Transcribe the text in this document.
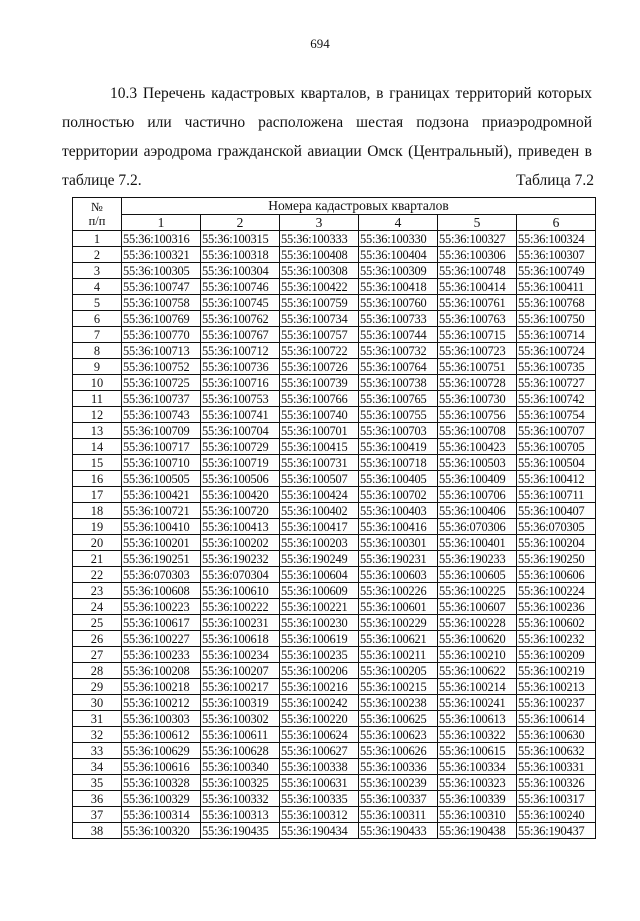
694

10.3 Перечень кадастровых кварталов, в границах территорий которых полностью или частично расположена шестая подзона приаэродромной территории аэродрома гражданской авиации Омск (Центральный), приведен в таблице 7.2.	Таблица 7.2
№
п/п	Номера кадастровых кварталов					
	1	2	3	4	5	6
1	55:36:100316	55:36:100315	55:36:100333	55:36:100330	55:36:100327	55:36:100324
2	55:36:100321	55:36:100318	55:36:100408	55:36:100404	55:36:100306	55:36:100307
3	55:36:100305	55:36:100304	55:36:100308	55:36:100309	55:36:100748	55:36:100749
4	55:36:100747	55:36:100746	55:36:100422	55:36:100418	55:36:100414	55:36:100411
5	55:36:100758	55:36:100745	55:36:100759	55:36:100760	55:36:100761	55:36:100768
6	55:36:100769	55:36:100762	55:36:100734	55:36:100733	55:36:100763	55:36:100750
7	55:36:100770	55:36:100767	55:36:100757	55:36:100744	55:36:100715	55:36:100714
8	55:36:100713	55:36:100712	55:36:100722	55:36:100732	55:36:100723	55:36:100724
9	55:36:100752	55:36:100736	55:36:100726	55:36:100764	55:36:100751	55:36:100735
10	55:36:100725	55:36:100716	55:36:100739	55:36:100738	55:36:100728	55:36:100727
11	55:36:100737	55:36:100753	55:36:100766	55:36:100765	55:36:100730	55:36:100742
12	55:36:100743	55:36:100741	55:36:100740	55:36:100755	55:36:100756	55:36:100754
13	55:36:100709	55:36:100704	55:36:100701	55:36:100703	55:36:100708	55:36:100707
14	55:36:100717	55:36:100729	55:36:100415	55:36:100419	55:36:100423	55:36:100705
15	55:36:100710	55:36:100719	55:36:100731	55:36:100718	55:36:100503	55:36:100504
16	55:36:100505	55:36:100506	55:36:100507	55:36:100405	55:36:100409	55:36:100412
17	55:36:100421	55:36:100420	55:36:100424	55:36:100702	55:36:100706	55:36:100711
18	55:36:100721	55:36:100720	55:36:100402	55:36:100403	55:36:100406	55:36:100407
19	55:36:100410	55:36:100413	55:36:100417	55:36:100416	55:36:070306	55:36:070305
20	55:36:100201	55:36:100202	55:36:100203	55:36:100301	55:36:100401	55:36:100204
21	55:36:190251	55:36:190232	55:36:190249	55:36:190231	55:36:190233	55:36:190250
22	55:36:070303	55:36:070304	55:36:100604	55:36:100603	55:36:100605	55:36:100606
23	55:36:100608	55:36:100610	55:36:100609	55:36:100226	55:36:100225	55:36:100224
24	55:36:100223	55:36:100222	55:36:100221	55:36:100601	55:36:100607	55:36:100236
25	55:36:100617	55:36:100231	55:36:100230	55:36:100229	55:36:100228	55:36:100602
26	55:36:100227	55:36:100618	55:36:100619	55:36:100621	55:36:100620	55:36:100232
27	55:36:100233	55:36:100234	55:36:100235	55:36:100211	55:36:100210	55:36:100209
28	55:36:100208	55:36:100207	55:36:100206	55:36:100205	55:36:100622	55:36:100219
29	55:36:100218	55:36:100217	55:36:100216	55:36:100215	55:36:100214	55:36:100213
30	55:36:100212	55:36:100319	55:36:100242	55:36:100238	55:36:100241	55:36:100237
31	55:36:100303	55:36:100302	55:36:100220	55:36:100625	55:36:100613	55:36:100614
32	55:36:100612	55:36:100611	55:36:100624	55:36:100623	55:36:100322	55:36:100630
33	55:36:100629	55:36:100628	55:36:100627	55:36:100626	55:36:100615	55:36:100632
34	55:36:100616	55:36:100340	55:36:100338	55:36:100336	55:36:100334	55:36:100331
35	55:36:100328	55:36:100325	55:36:100631	55:36:100239	55:36:100323	55:36:100326
36	55:36:100329	55:36:100332	55:36:100335	55:36:100337	55:36:100339	55:36:100317
37	55:36:100314	55:36:100313	55:36:100312	55:36:100311	55:36:100310	55:36:100240
38	55:36:100320	55:36:190435	55:36:190434	55:36:190433	55:36:190438	55:36:190437
